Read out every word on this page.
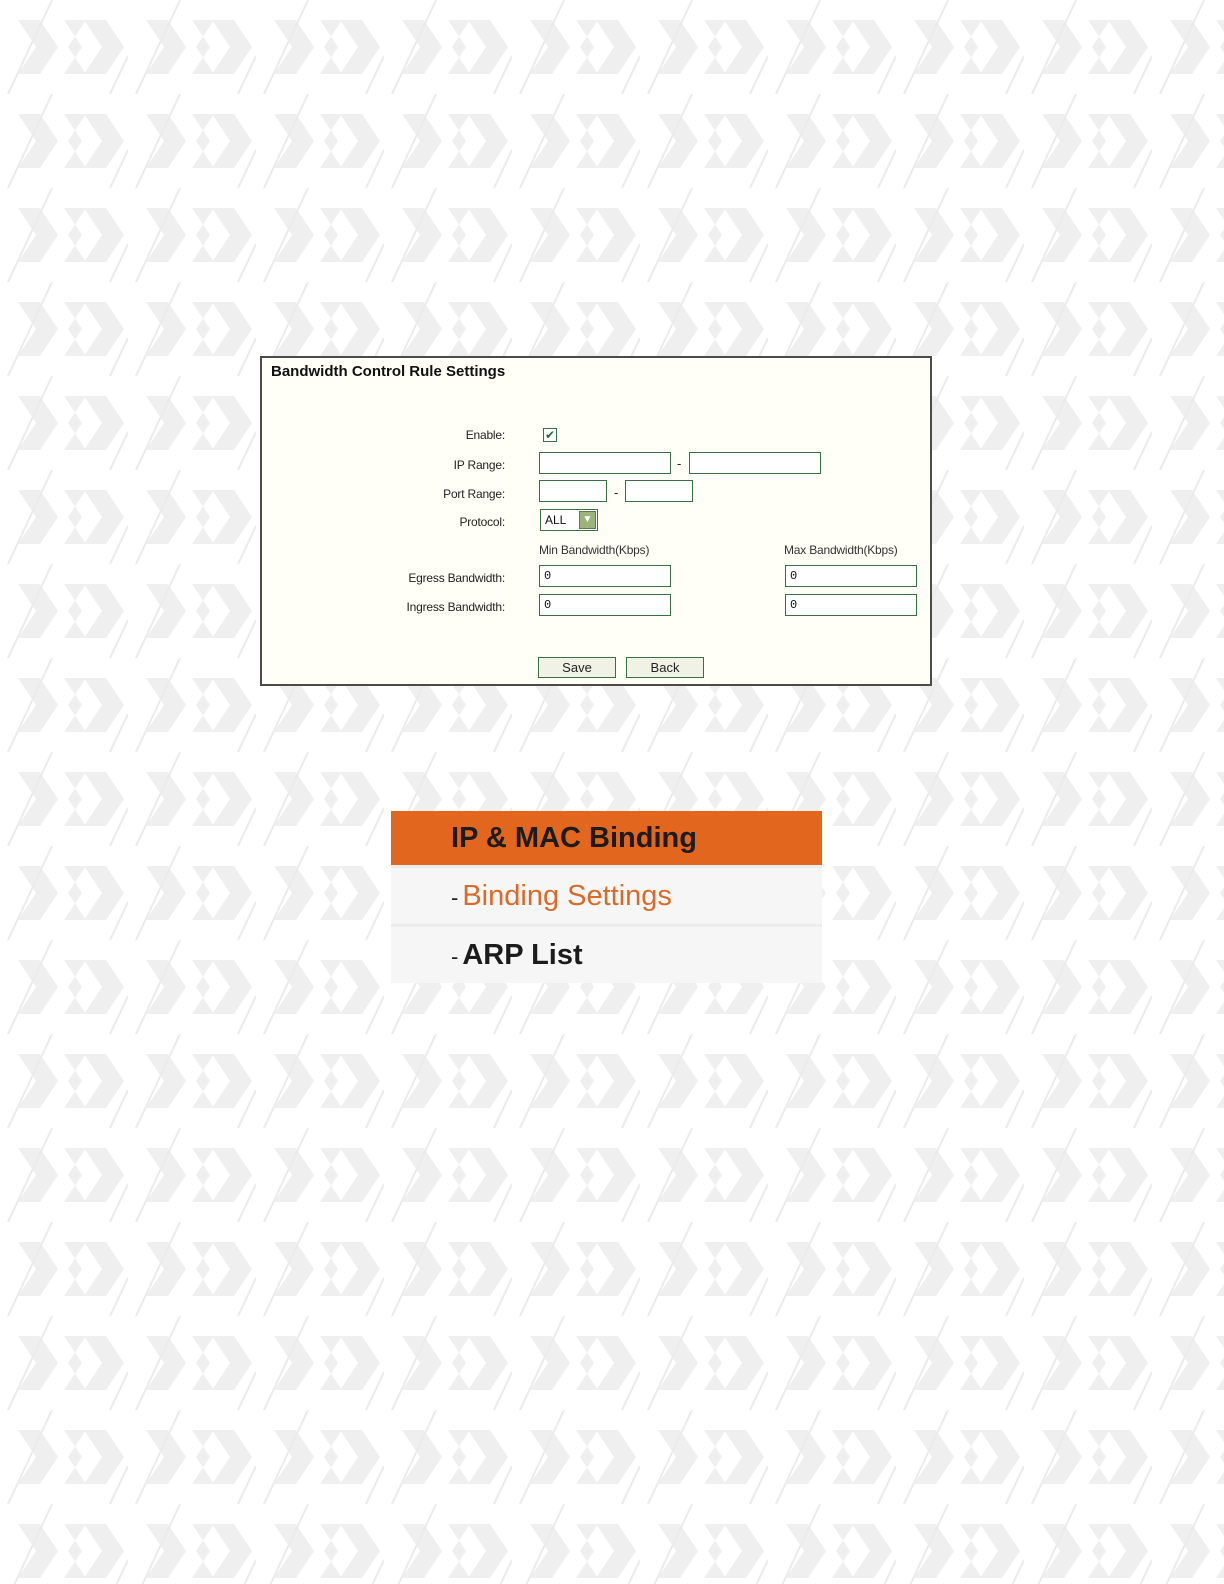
Bandwidth Control Rule Settings
Enable:	✔
IP Range:	-
Port Range:	-
Protocol:	ALL	▼
Min Bandwidth(Kbps)	Max Bandwidth(Kbps)
Egress Bandwidth:	0	0
Ingress Bandwidth:	0	0
Save	Back
IP & MAC Binding
- Binding Settings
- ARP List
